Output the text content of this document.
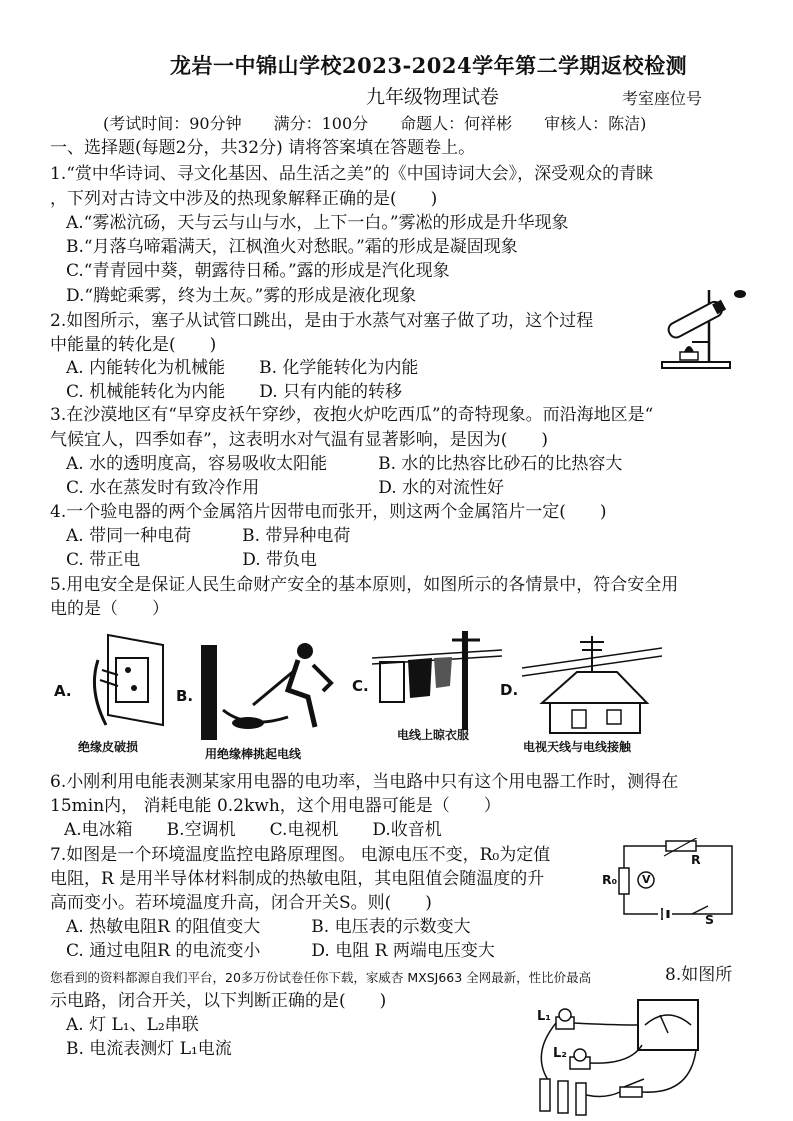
龙岩一中锦山学校2023-2024学年第二学期返校检测
九年级物理试卷	考室座位号
(考试时间：90分钟　　满分：100分　　命题人：何祥彬　　审核人：陈洁)
一、选择题(每题2分，共32分) 请将答案填在答题卷上。
1.“赏中华诗词、寻文化基因、品生活之美”的《中国诗词大会》，深受观众的青睐
，下列对古诗文中涉及的热现象解释正确的是(　　)
A.“雾凇沆砀，天与云与山与水，上下一白。”雾凇的形成是升华现象
B.“月落乌啼霜满天，江枫渔火对愁眠。”霜的形成是凝固现象
C.“青青园中葵，朝露待日稀。”露的形成是汽化现象
D.“腾蛇乘雾，终为土灰。”雾的形成是液化现象
2.如图所示，塞子从试管口跳出，是由于水蒸气对塞子做了功，这个过程
中能量的转化是(　　)
A. 内能转化为机械能　　B. 化学能转化为内能
C. 机械能转化为内能　　D. 只有内能的转移
3.在沙漠地区有“早穿皮袄午穿纱，夜抱火炉吃西瓜”的奇特现象。而沿海地区是“
气候宜人，四季如春”，这表明水对气温有显著影响，是因为(　　)
A. 水的透明度高，容易吸收太阳能　　　B. 水的比热容比砂石的比热容大
C. 水在蒸发时有致冷作用　　　　　　　D. 水的对流性好
4.一个验电器的两个金属箔片因带电而张开，则这两个金属箔片一定(　　)
A. 带同一种电荷　　　B. 带异种电荷
C. 带正电　　　　　　D. 带负电
5.用电安全是保证人民生命财产安全的基本原则，如图所示的各情景中，符合安全用
电的是（　　）
A.
绝缘皮破损
B.
用绝缘棒挑起电线
C.
电线上晾衣服
D.
电视天线与电线接触
6.小刚利用电能表测某家用电器的电功率，当电路中只有这个用电器工作时，测得在
15min内， 消耗电能 0.2kwh，这个用电器可能是（　　）
A.电冰箱　　B.空调机　　C.电视机　　D.收音机
7.如图是一个环境温度监控电路原理图。 电源电压不变，R₀为定值
电阻，R 是用半导体材料制成的热敏电阻，其电阻值会随温度的升
高而变小。若环境温度升高，闭合开关S。则(　　)
A. 热敏电阻R 的阻值变大　　　B. 电压表的示数变大
C. 通过电阻R 的电流变小　　　D. 电阻 R 两端电压变大
R
R₀ V
S
您看到的资料都源自我们平台，20多万份试卷任你下载，家威杏 MXSJ663 全网最新，性比价最高	8.如图所
示电路，闭合开关，以下判断正确的是(　　)
A. 灯 L₁、L₂串联
B. 电流表测灯 L₁电流
L₁
L₂
